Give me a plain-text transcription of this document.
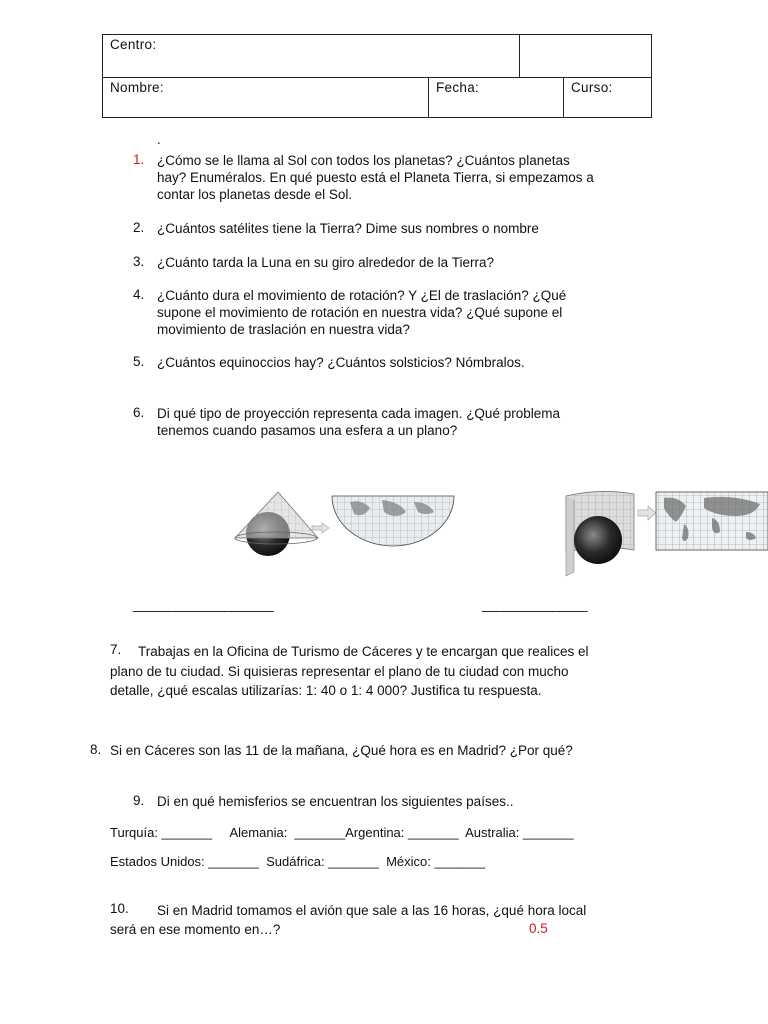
Centro:
Nombre:	Fecha:	Curso:
.
1. ¿Cómo se le llama al Sol con todos los planetas? ¿Cuántos planetas
hay? Enuméralos. En qué puesto está el Planeta Tierra, si empezamos a
contar los planetas desde el Sol.
2. ¿Cuántos satélites tiene la Tierra? Dime sus nombres o nombre
3. ¿Cuánto tarda la Luna en su giro alrededor de la Tierra?
4. ¿Cuánto dura el movimiento de rotación? Y ¿El de traslación? ¿Qué
supone el movimiento de rotación en nuestra vida? ¿Qué supone el
movimiento de traslación en nuestra vida?
5. ¿Cuántos equinoccios hay? ¿Cuántos solsticios? Nómbralos.
6. Di qué tipo de proyección representa cada imagen. ¿Qué problema
tenemos cuando pasamos una esfera a un plano?
____________________	_______________
7.	Trabajas en la Oficina de Turismo de Cáceres y te encargan que realices el
plano de tu ciudad. Si quisieras representar el plano de tu ciudad con mucho
detalle, ¿qué escalas utilizarías: 1: 40 o 1: 4 000? Justifica tu respuesta.
8. Si en Cáceres son las 11 de la mañana, ¿Qué hora es en Madrid? ¿Por qué?
9. Di en qué hemisferios se encuentran los siguientes países..
Turquía: _______     Alemania:  _______Argentina: _______  Australia: _______
Estados Unidos: _______  Sudáfrica: _______  México: _______
10.	Si en Madrid tomamos el avión que sale a las 16 horas, ¿qué hora local
será en ese momento en…?	0.5
